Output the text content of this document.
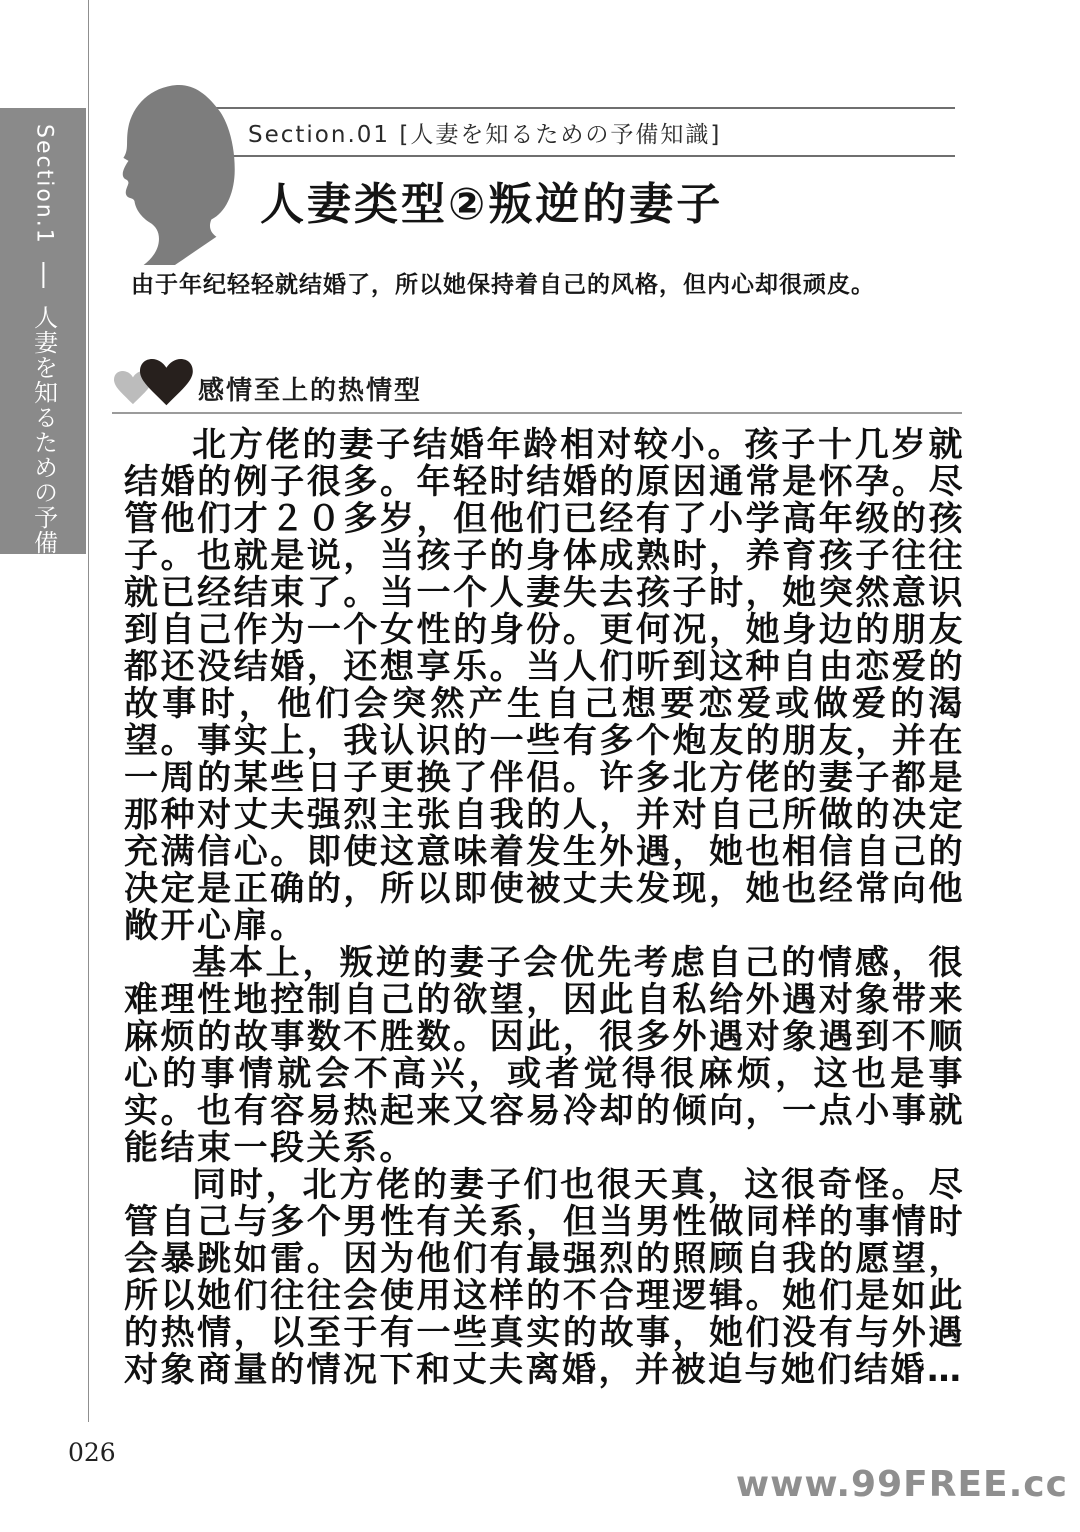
Section.1  人妻を知るための予備知識
Section.01 [人妻を知るための予備知識]
人妻类型②叛逆的妻子

由于年纪轻轻就结婚了，所以她保持着自己的风格，但内心却很顽皮。

感情至上的热情型

北方佬的妻子结婚年龄相对较小。孩子十几岁就结婚的例子很多。年轻时结婚的原因通常是怀孕。尽管他们才２０多岁，但他们已经有了小学高年级的孩子。也就是说，当孩子的身体成熟时，养育孩子往往就已经结束了。当一个人妻失去孩子时，她突然意识到自己作为一个女性的身份。更何况，她身边的朋友都还没结婚，还想享乐。当人们听到这种自由恋爱的故事时，他们会突然产生自己想要恋爱或做爱的渴望。事实上，我认识的一些有多个炮友的朋友，并在一周的某些日子更换了伴侣。许多北方佬的妻子都是那种对丈夫强烈主张自我的人，并对自己所做的决定充满信心。即使这意味着发生外遇，她也相信自己的决定是正确的，所以即使被丈夫发现，她也经常向他敞开心扉。

基本上，叛逆的妻子会优先考虑自己的情感，很难理性地控制自己的欲望，因此自私给外遇对象带来麻烦的故事数不胜数。因此，很多外遇对象遇到不顺心的事情就会不高兴，或者觉得很麻烦，这也是事实。也有容易热起来又容易冷却的倾向，一点小事就能结束一段关系。

同时，北方佬的妻子们也很天真，这很奇怪。尽管自己与多个男性有关系，但当男性做同样的事情时会暴跳如雷。因为他们有最强烈的照顾自我的愿望，所以她们往往会使用这样的不合理逻辑。她们是如此的热情，以至于有一些真实的故事，她们没有与外遇对象商量的情况下和丈夫离婚，并被迫与她们结婚…

026
www.99FREE.cc
